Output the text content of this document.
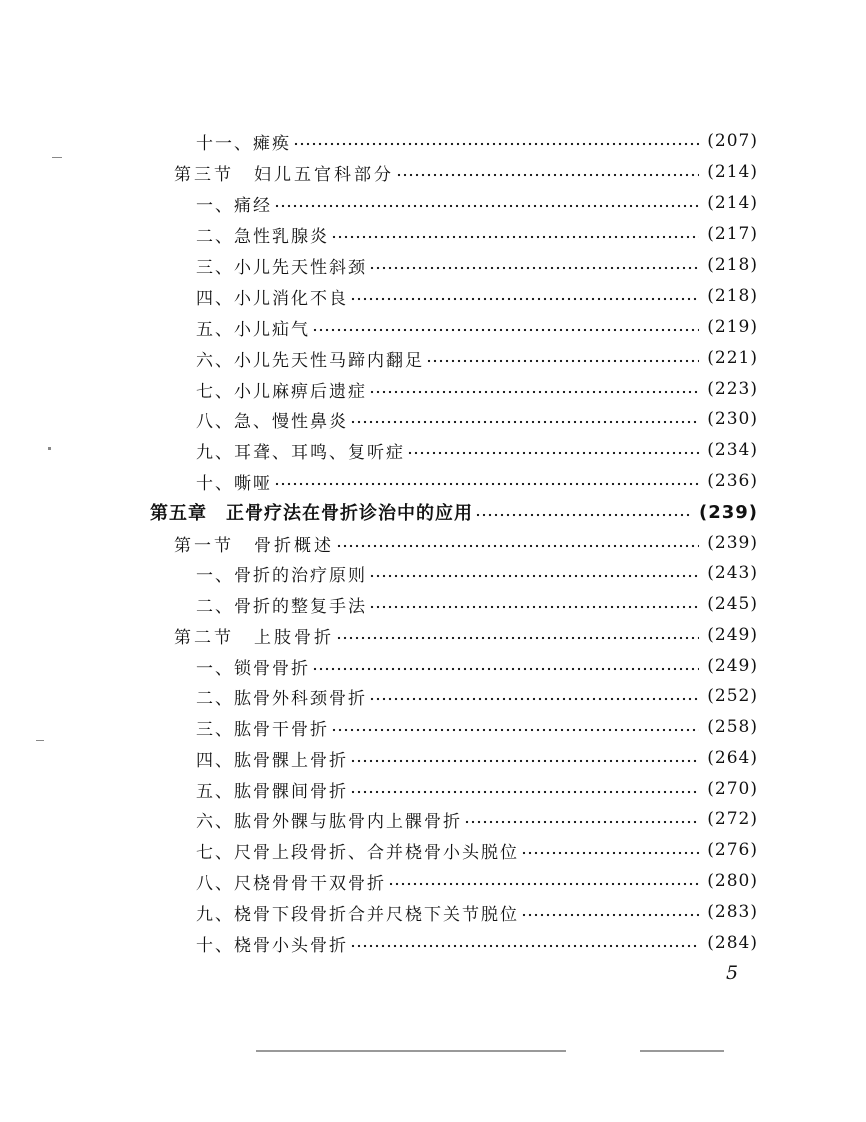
十一、瘫痪	(207)
第三节　妇儿五官科部分	(214)
一、痛经	(214)
二、急性乳腺炎	(217)
三、小儿先天性斜颈	(218)
四、小儿消化不良	(218)
五、小儿疝气	(219)
六、小儿先天性马蹄内翻足	(221)
七、小儿麻痹后遗症	(223)
八、急、慢性鼻炎	(230)
九、耳聋、耳鸣、复听症	(234)
十、嘶哑	(236)
第五章　正骨疗法在骨折诊治中的应用	(239)
第一节　骨折概述	(239)
一、骨折的治疗原则	(243)
二、骨折的整复手法	(245)
第二节　上肢骨折	(249)
一、锁骨骨折	(249)
二、肱骨外科颈骨折	(252)
三、肱骨干骨折	(258)
四、肱骨髁上骨折	(264)
五、肱骨髁间骨折	(270)
六、肱骨外髁与肱骨内上髁骨折	(272)
七、尺骨上段骨折、合并桡骨小头脱位	(276)
八、尺桡骨骨干双骨折	(280)
九、桡骨下段骨折合并尺桡下关节脱位	(283)
十、桡骨小头骨折	(284)
5
